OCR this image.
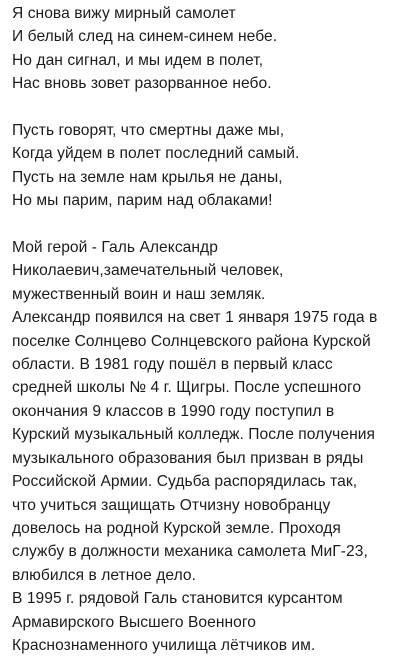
Я снова вижу мирный самолет
И белый след на синем-синем небе.
Но дан сигнал, и мы идем в полет,
Нас вновь зовет разорванное небо.
Пусть говорят, что смертны даже мы,
Когда уйдем в полет последний самый.
Пусть на земле нам крылья не даны,
Но мы парим, парим над облаками!
Мой герой - Галь Александр
Николаевич,замечательный человек,
мужественный воин и наш земляк.
Александр появился на свет 1 января 1975 года в
поселке Солнцево Солнцевского района Курской
области. В 1981 году пошёл в первый класс
средней школы № 4 г. Щигры. После успешного
окончания 9 классов в 1990 году поступил в
Курский музыкальный колледж. После получения
музыкального образования был призван в ряды
Российской Армии. Судьба распорядилась так,
что учиться защищать Отчизну новобранцу
довелось на родной Курской земле. Проходя
службу в должности механика самолета МиГ-23,
влюбился в летное дело.
В 1995 г. рядовой Галь становится курсантом
Армавирского Высшего Военного
Краснознаменного училища лётчиков им.
